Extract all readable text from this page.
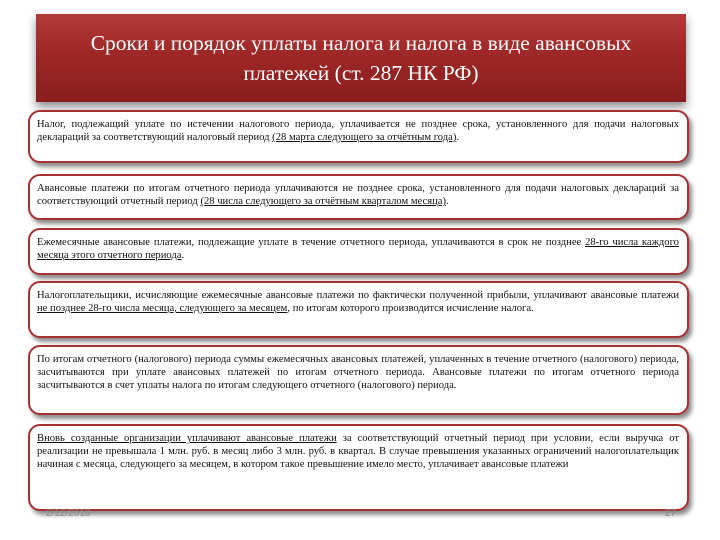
Сроки и порядок уплаты налога и налога в виде авансовых платежей (ст. 287 НК РФ)
Налог, подлежащий уплате по истечении налогового периода, уплачивается не позднее срока, установленного для подачи налоговых деклараций за соответствующий налоговый период (28 марта следующего за отчётным года).
Авансовые платежи по итогам отчетного периода уплачиваются не позднее срока, установленного для подачи налоговых деклараций за соответствующий отчетный период (28 числа следующего за отчётным кварталом месяца).
Ежемесячные авансовые платежи, подлежащие уплате в течение отчетного периода, уплачиваются в срок не позднее 28-го числа каждого месяца этого отчетного периода.
Налогоплательщики, исчисляющие ежемесячные авансовые платежи по фактически полученной прибыли, уплачивают авансовые платежи не позднее 28-го числа месяца, следующего за месяцем, по итогам которого производится исчисление налога.
По итогам отчетного (налогового) периода суммы ежемесячных авансовых платежей, уплаченных в течение отчетного (налогового) периода, засчитываются при уплате авансовых платежей по итогам отчетного периода. Авансовые платежи по итогам отчетного периода засчитываются в счет уплаты налога по итогам следующего отчетного (налогового) периода.
Вновь созданные организации уплачивают авансовые платежи за соответствующий отчетный период при условии, если выручка от реализации не превышала 1 млн. руб. в месяц либо 3 млн. руб. в квартал. В случае превышения указанных ограничений налогоплательщик начиная с месяца, следующего за месяцем, в котором такое превышение имело место, уплачивает авансовые платежи
2/12/2018	27
